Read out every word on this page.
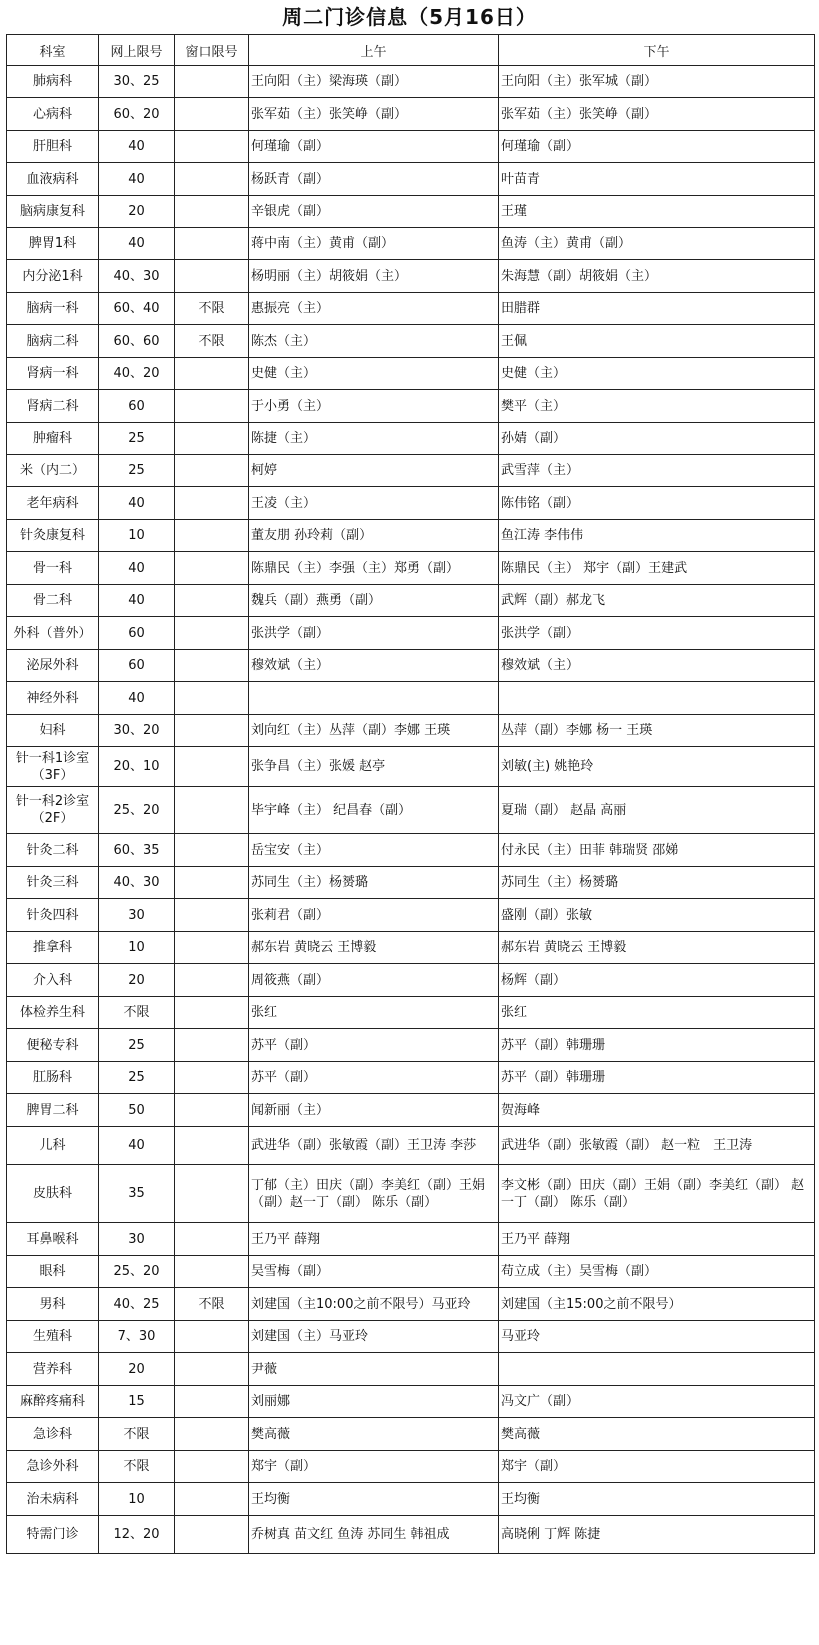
周二门诊信息（5月16日）
科室	网上限号	窗口限号	上午	下午
肺病科	30、25		王向阳（主）梁海瑛（副）	王向阳（主）张军城（副）
心病科	60、20		张军茹（主）张笑峥（副）	张军茹（主）张笑峥（副）
肝胆科	40		何瑾瑜（副）	何瑾瑜（副）
血液病科	40		杨跃青（副）	叶苗青
脑病康复科	20		辛银虎（副）	王瑾
脾胃1科	40		蒋中南（主）黄甫（副）	鱼涛（主）黄甫（副）
内分泌1科	40、30		杨明丽（主）胡筱娟（主）	朱海慧（副）胡筱娟（主）
脑病一科	60、40	不限	惠振亮（主）	田腊群
脑病二科	60、60	不限	陈杰（主）	王佩
肾病一科	40、20		史健（主）	史健（主）
肾病二科	60		于小勇（主）	樊平（主）
肿瘤科	25		陈捷（主）	孙婧（副）
米（内二）	25		柯婷	武雪萍（主）
老年病科	40		王凌（主）	陈伟铭（副）
针灸康复科	10		董友朋 孙玲莉（副）	鱼江涛 李伟伟
骨一科	40		陈鼎民（主）李强（主）郑勇（副）	陈鼎民（主） 郑宇（副）王建武
骨二科	40		魏兵（副）燕勇（副）	武辉（副）郝龙飞
外科（普外）	60		张洪学（副）	张洪学（副）
泌尿外科	60		穆效斌（主）	穆效斌（主）
神经外科	40			
妇科	30、20		刘向红（主）丛萍（副）李娜 王瑛	丛萍（副）李娜 杨一 王瑛
针一科1诊室（3F）	20、10		张争昌（主）张媛 赵亭	刘敏(主) 姚艳玲
针一科2诊室（2F）	25、20		毕宇峰（主） 纪昌春（副）	夏瑞（副） 赵晶 高丽
针灸二科	60、35		岳宝安（主）	付永民（主）田菲 韩瑞贤 邵娣
针灸三科	40、30		苏同生（主）杨赟璐	苏同生（主）杨赟璐
针灸四科	30		张莉君（副）	盛刚（副）张敏
推拿科	10		郝东岩 黄晓云 王博毅	郝东岩 黄晓云 王博毅
介入科	20		周筱燕（副）	杨辉（副）
体检养生科	不限		张红	张红
便秘专科	25		苏平（副）	苏平（副）韩珊珊
肛肠科	25		苏平（副）	苏平（副）韩珊珊
脾胃二科	50		闻新丽（主）	贺海峰
儿科	40		武进华（副）张敏霞（副）王卫涛 李莎	武进华（副）张敏霞（副） 赵一粒　王卫涛
皮肤科	35		丁郁（主）田庆（副）李美红（副）王娟（副）赵一丁（副） 陈乐（副）	李文彬（副）田庆（副）王娟（副）李美红（副） 赵一丁（副） 陈乐（副）
耳鼻喉科	30		王乃平 薛翔	王乃平 薛翔
眼科	25、20		吴雪梅（副）	苟立成（主）吴雪梅（副）
男科	40、25	不限	刘建国（主10:00之前不限号）马亚玲	刘建国（主15:00之前不限号）
生殖科	7、30		刘建国（主）马亚玲	马亚玲
营养科	20		尹薇	
麻醉疼痛科	15		刘丽娜	冯文广（副）
急诊科	不限		樊高薇	樊高薇
急诊外科	不限		郑宇（副）	郑宇（副）
治未病科	10		王均衡	王均衡
特需门诊	12、20		乔树真 苗文红 鱼涛 苏同生 韩祖成	高晓俐 丁辉 陈捷
